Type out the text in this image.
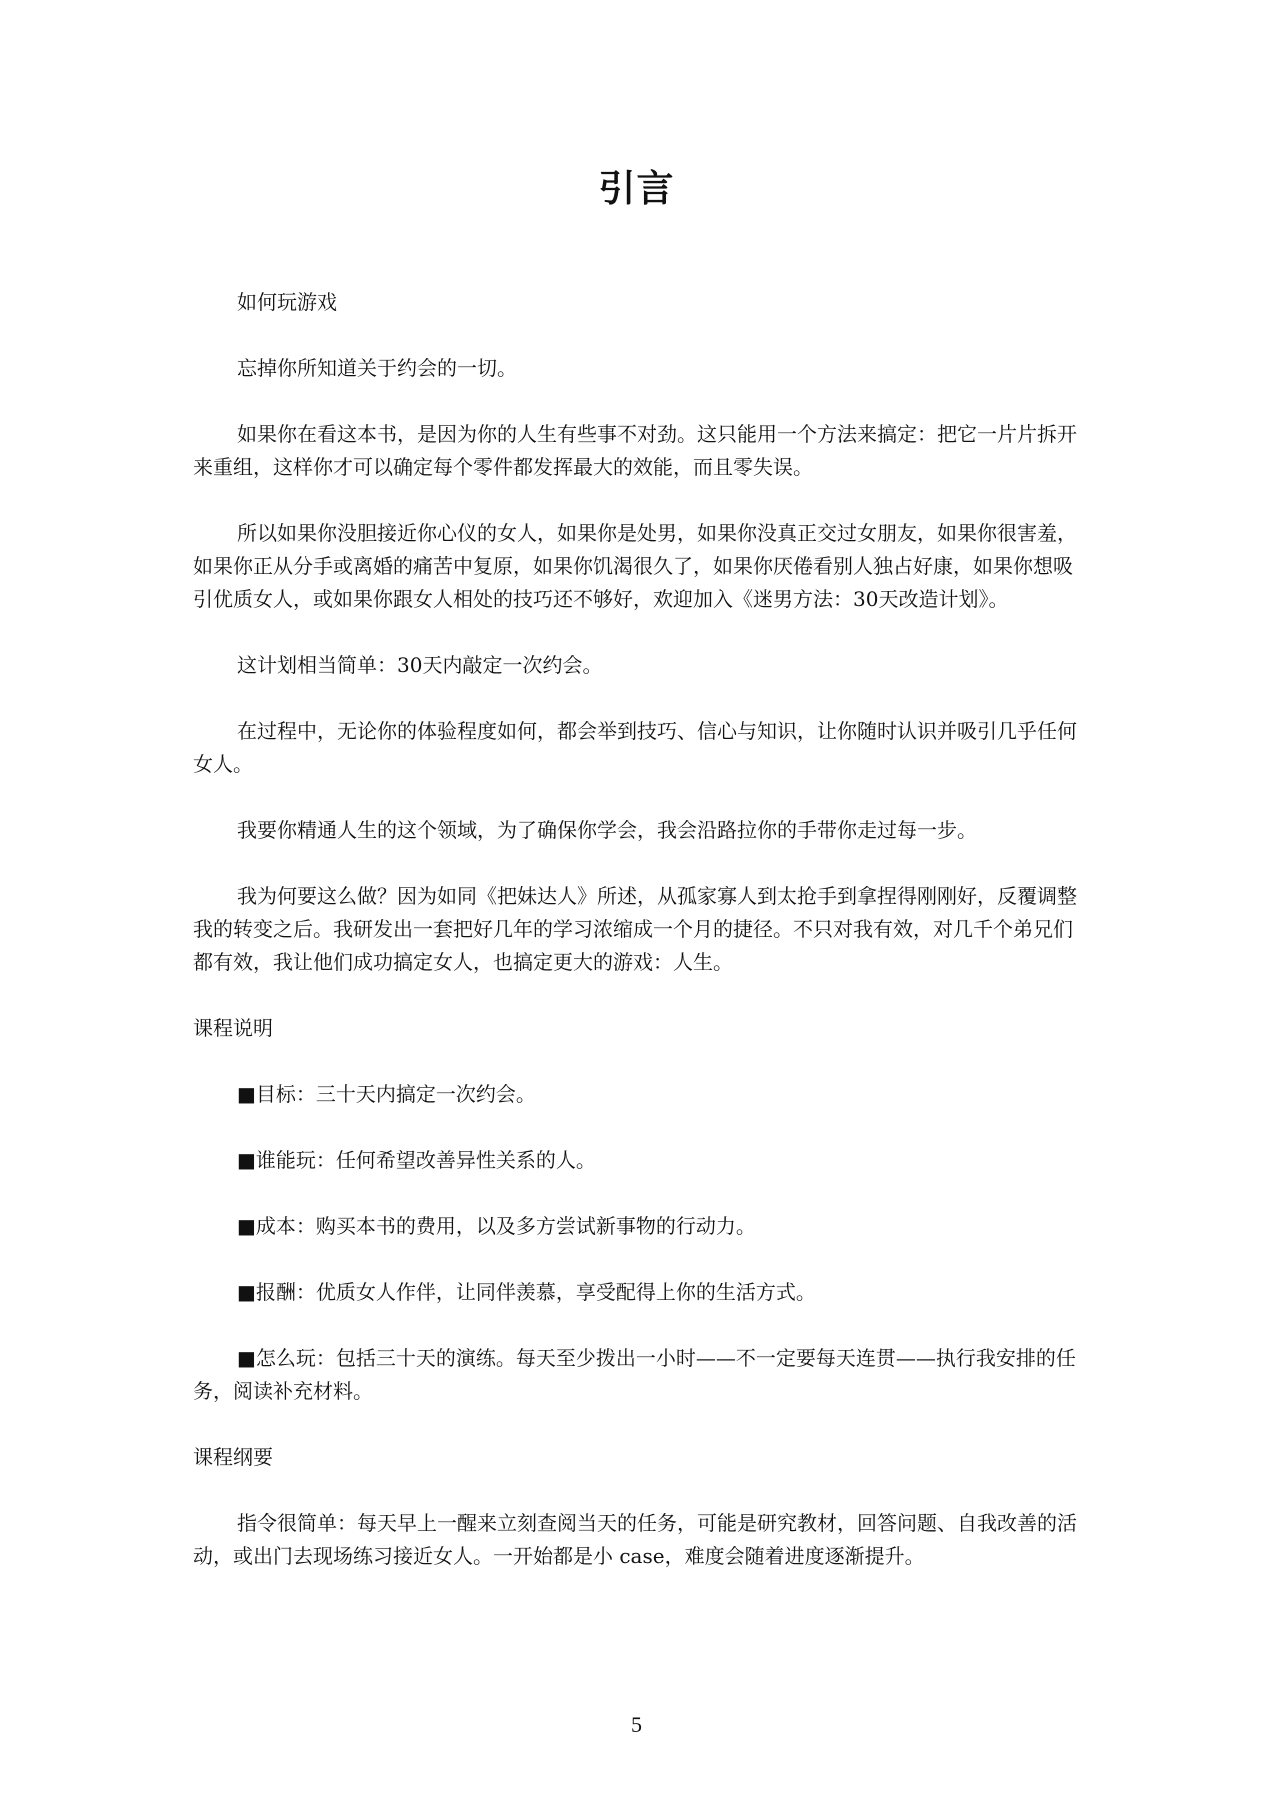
引言

如何玩游戏

忘掉你所知道关于约会的一切。

如果你在看这本书，是因为你的人生有些事不对劲。这只能用一个方法来搞定：把它一片片拆开来重组，这样你才可以确定每个零件都发挥最大的效能，而且零失误。

所以如果你没胆接近你心仪的女人，如果你是处男，如果你没真正交过女朋友，如果你很害羞，如果你正从分手或离婚的痛苦中复原，如果你饥渴很久了，如果你厌倦看别人独占好康，如果你想吸引优质女人，或如果你跟女人相处的技巧还不够好，欢迎加入《迷男方法：30天改造计划》。

这计划相当简单：30天内敲定一次约会。

在过程中，无论你的体验程度如何，都会举到技巧、信心与知识，让你随时认识并吸引几乎任何女人。

我要你精通人生的这个领域，为了确保你学会，我会沿路拉你的手带你走过每一步。

我为何要这么做？因为如同《把妹达人》所述，从孤家寡人到太抢手到拿捏得刚刚好，反覆调整我的转变之后。我研发出一套把好几年的学习浓缩成一个月的捷径。不只对我有效，对几千个弟兄们都有效，我让他们成功搞定女人，也搞定更大的游戏：人生。

课程说明

■目标：三十天内搞定一次约会。

■谁能玩：任何希望改善异性关系的人。

■成本：购买本书的费用，以及多方尝试新事物的行动力。

■报酬：优质女人作伴，让同伴羡慕，享受配得上你的生活方式。

■怎么玩：包括三十天的演练。每天至少拨出一小时——不一定要每天连贯——执行我安排的任务，阅读补充材料。

课程纲要

指令很简单：每天早上一醒来立刻查阅当天的任务，可能是研究教材，回答问题、自我改善的活动，或出门去现场练习接近女人。一开始都是小 case，难度会随着进度逐渐提升。

5
